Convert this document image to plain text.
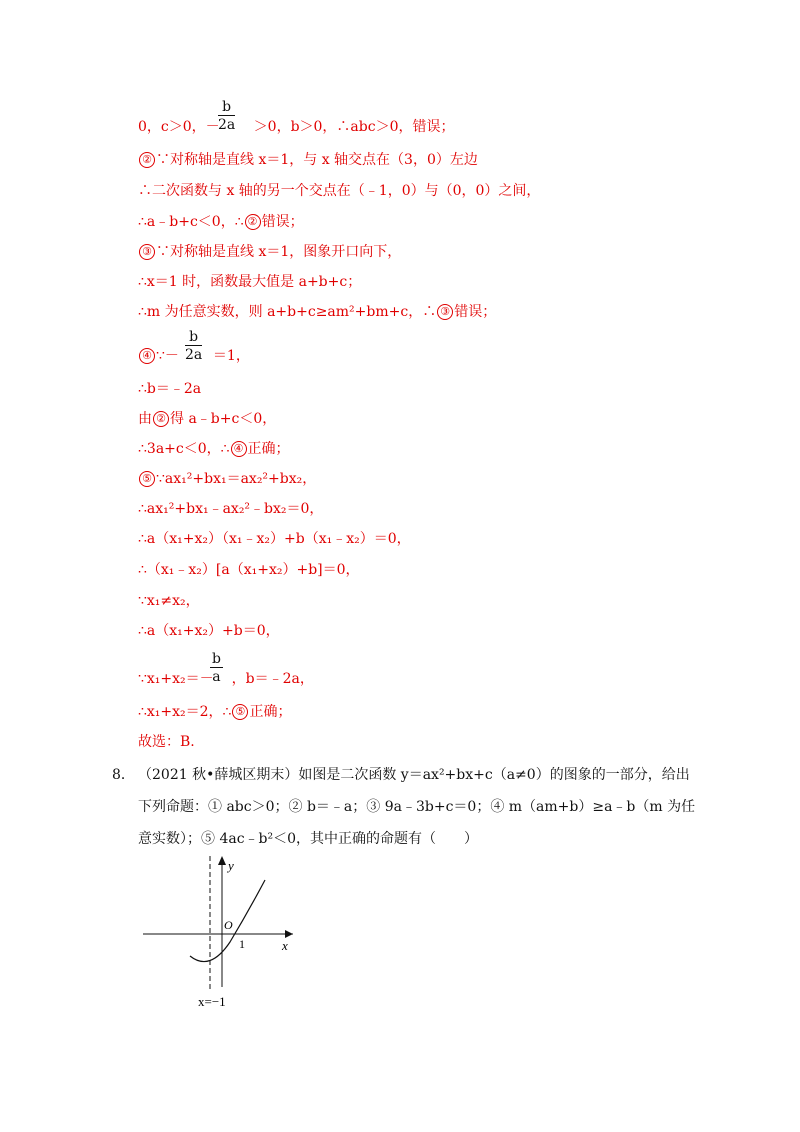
$\frac{b}{2a}$
0，c＞0，－ ＞0，b＞0，∴abc＞0，错误；
② ∵对称轴是直线 x＝1，与 x 轴交点在（3，0）左边
∴二次函数与 x 轴的另一个交点在（﹣1，0）与（0，0）之间，
∴a﹣b+c＜0，∴ ② 错误；
③ ∵对称轴是直线 x＝1，图象开口向下，
∴x＝1 时，函数最大值是 a+b+c；
∴m 为任意实数，则 a+b+c≥am²+bm+c，∴ ③ 错误；
$\frac{b}{2a}$
④ ∵－ ＝1，
∴b＝﹣2a
由 ② 得 a﹣b+c＜0，
∴3a+c＜0，∴ ④ 正确；
⑤ ∵ax₁²+bx₁＝ax₂²+bx₂，
∴ax₁²+bx₁﹣ax₂²﹣bx₂＝0，
∴a（x₁+x₂）（x₁﹣x₂）+b（x₁﹣x₂）＝0，
∴（x₁﹣x₂）[a（x₁+x₂）+b]＝0，
∵x₁≠x₂，
∴a（x₁+x₂）+b＝0，
$\frac{b}{a}$
∵x₁+x₂＝－ ，b＝﹣2a，
∴x₁+x₂＝2，∴ ⑤ 正确；
故选：B.
8． （2021 秋•薛城区期末）如图是二次函数 y＝ax²+bx+c（a≠0）的图象的一部分，给出
下列命题：① abc＞0；② b＝﹣a；③ 9a﹣3b+c＝0；④ m（am+b）≥a﹣b（m 为任
意实数）；⑤ 4ac﹣b²＜0，其中正确的命题有（　　）
y
x
O
1
x=−1
